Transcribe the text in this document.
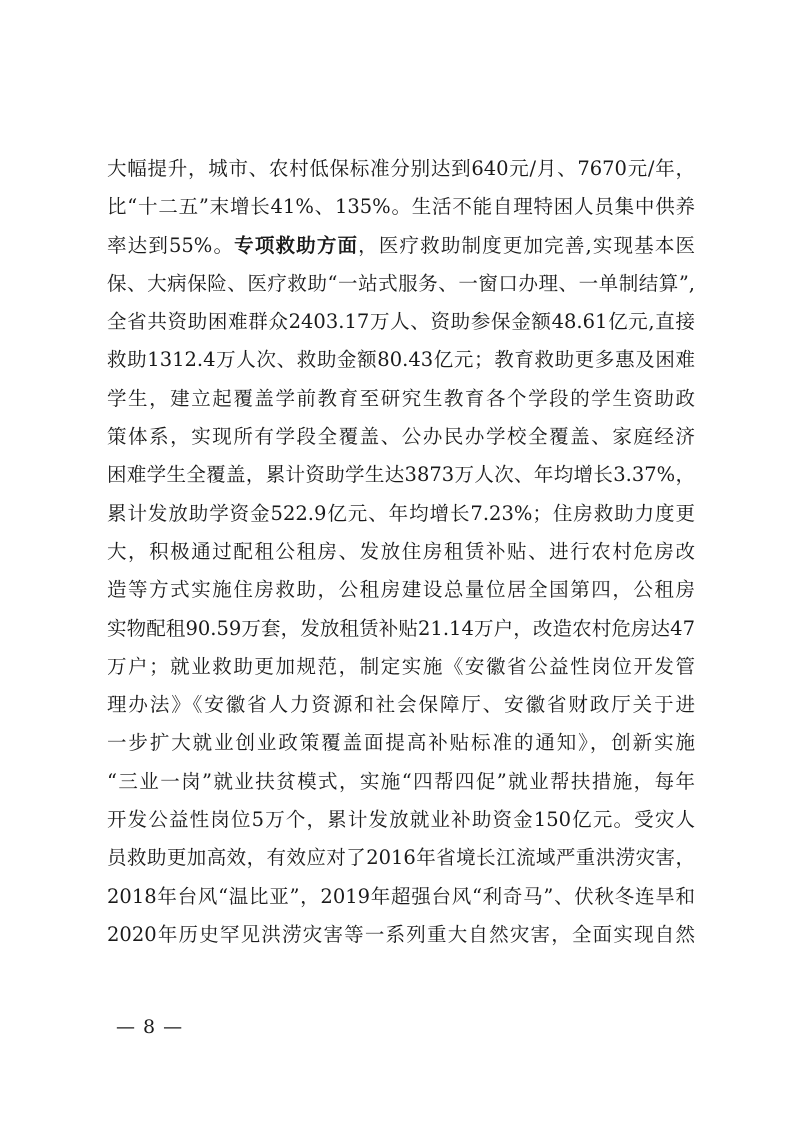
大幅提升，城市、农村低保标准分别达到640元/月、7670元/年，
比“十二五”末增长41%、135%。生活不能自理特困人员集中供养
率达到55%。专项救助方面，医疗救助制度更加完善,实现基本医
保、大病保险、医疗救助“一站式服务、一窗口办理、一单制结算”,
全省共资助困难群众2403.17万人、资助参保金额48.61亿元,直接
救助1312.4万人次、救助金额80.43亿元；教育救助更多惠及困难
学生，建立起覆盖学前教育至研究生教育各个学段的学生资助政
策体系，实现所有学段全覆盖、公办民办学校全覆盖、家庭经济
困难学生全覆盖，累计资助学生达3873万人次、年均增长3.37%，
累计发放助学资金522.9亿元、年均增长7.23%；住房救助力度更
大，积极通过配租公租房、发放住房租赁补贴、进行农村危房改
造等方式实施住房救助，公租房建设总量位居全国第四，公租房
实物配租90.59万套，发放租赁补贴21.14万户，改造农村危房达47
万户；就业救助更加规范，制定实施《安徽省公益性岗位开发管
理办法》《安徽省人力资源和社会保障厅、安徽省财政厅关于进
一步扩大就业创业政策覆盖面提高补贴标准的通知》，创新实施
“三业一岗”就业扶贫模式，实施“四帮四促”就业帮扶措施，每年
开发公益性岗位5万个，累计发放就业补助资金150亿元。受灾人
员救助更加高效，有效应对了2016年省境长江流域严重洪涝灾害，
2018年台风“温比亚”，2019年超强台风“利奇马”、伏秋冬连旱和
2020年历史罕见洪涝灾害等一系列重大自然灾害，全面实现自然
— 8 —
